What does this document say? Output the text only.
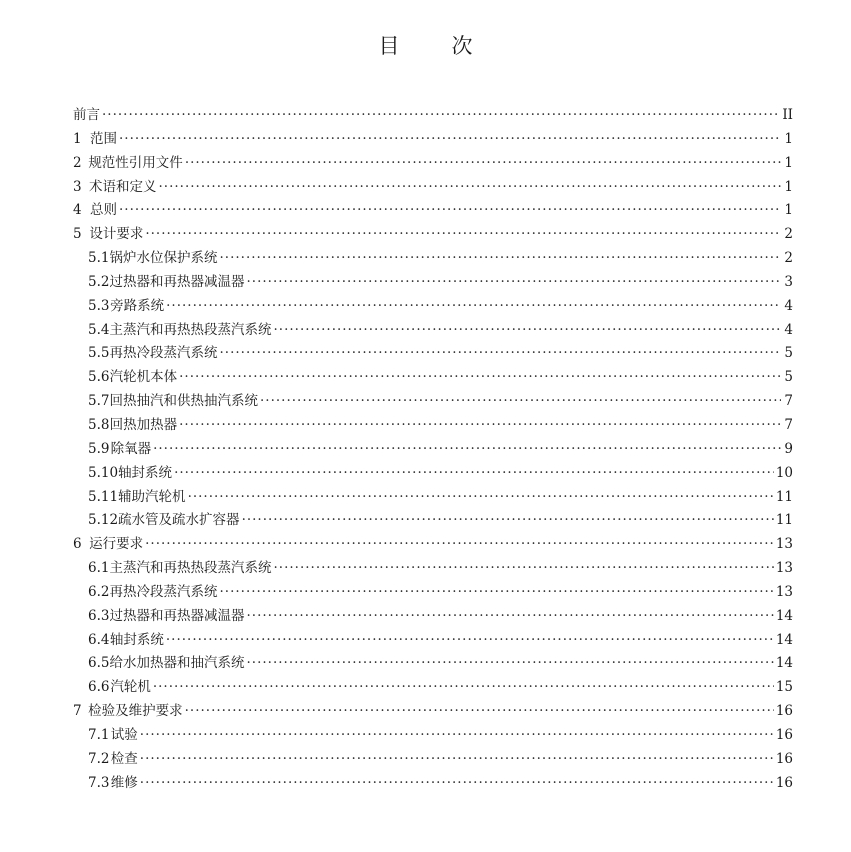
目 次
前言 ·····	II
1 范围 ·····	1
2 规范性引用文件 ·····	1
3 术语和定义 ·····	1
4 总则 ·····	1
5 设计要求 ·····	2
5.1 锅炉水位保护系统 ·····	2
5.2 过热器和再热器减温器 ·····	3
5.3 旁路系统 ·····	4
5.4 主蒸汽和再热热段蒸汽系统 ·····	4
5.5 再热冷段蒸汽系统 ·····	5
5.6 汽轮机本体 ·····	5
5.7 回热抽汽和供热抽汽系统 ·····	7
5.8 回热加热器 ·····	7
5.9 除氧器 ·····	9
5.10 轴封系统 ·····	10
5.11 辅助汽轮机 ·····	11
5.12 疏水管及疏水扩容器 ·····	11
6 运行要求 ·····	13
6.1 主蒸汽和再热热段蒸汽系统 ·····	13
6.2 再热冷段蒸汽系统 ·····	13
6.3 过热器和再热器减温器 ·····	14
6.4 轴封系统 ·····	14
6.5 给水加热器和抽汽系统 ·····	14
6.6 汽轮机 ·····	15
7 检验及维护要求 ·····	16
7.1 试验 ·····	16
7.2 检查 ·····	16
7.3 维修 ·····	16
